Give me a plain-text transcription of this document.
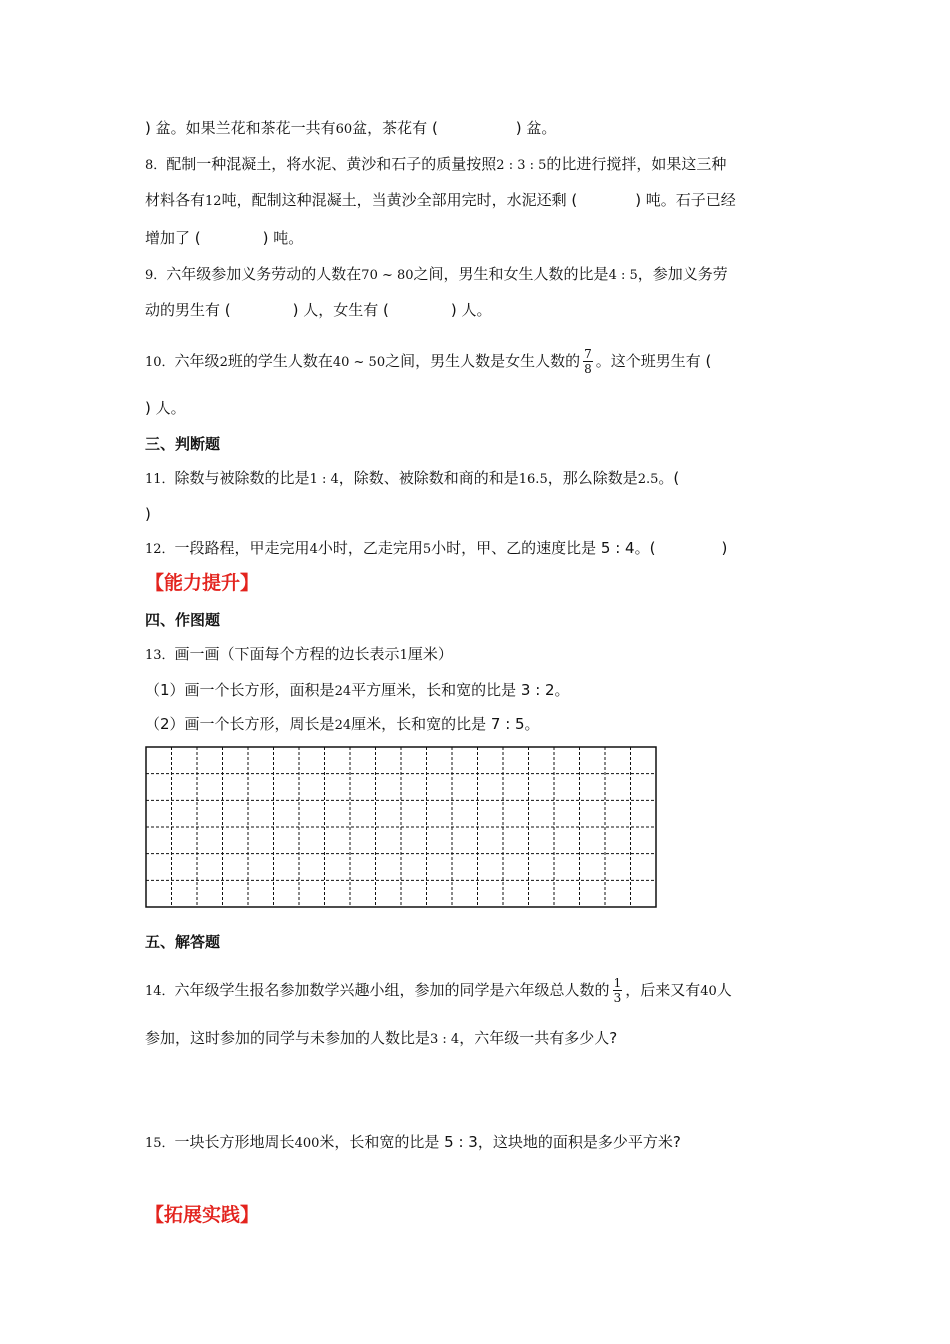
) 盆。如果兰花和茶花一共有60盆，茶花有 (	) 盆。
8．配制一种混凝土，将水泥、黄沙和石子的质量按照2 : 3 : 5的比进行搅拌，如果这三种
材料各有12吨，配制这种混凝土，当黄沙全部用完时，水泥还剩 (	) 吨。石子已经
增加了 (	) 吨。
9．六年级参加义务劳动的人数在70 ~ 80之间，男生和女生人数的比是4 : 5，参加义务劳
动的男生有 (	) 人，女生有 (	) 人。
10．六年级2班的学生人数在40 ~ 50之间，男生人数是女生人数的 $\frac{7}{8}$ 。这个班男生有 (
) 人。
三、判断题
11．除数与被除数的比是1 : 4，除数、被除数和商的和是16.5，那么除数是2.5。(
)
12．一段路程，甲走完用4小时，乙走完用5小时，甲、乙的速度比是 5 : 4。(	)
【能力提升】
四、作图题
13．画一画（下面每个方程的边长表示1厘米）
（1）画一个长方形，面积是24平方厘米，长和宽的比是 3 : 2。
（2）画一个长方形，周长是24厘米，长和宽的比是 7 : 5。
五、解答题
14．六年级学生报名参加数学兴趣小组，参加的同学是六年级总人数的 $\frac{1}{3}$ ，后来又有40人
参加，这时参加的同学与未参加的人数比是3 : 4，六年级一共有多少人?
15．一块长方形地周长400米，长和宽的比是 5 : 3，这块地的面积是多少平方米?
【拓展实践】
